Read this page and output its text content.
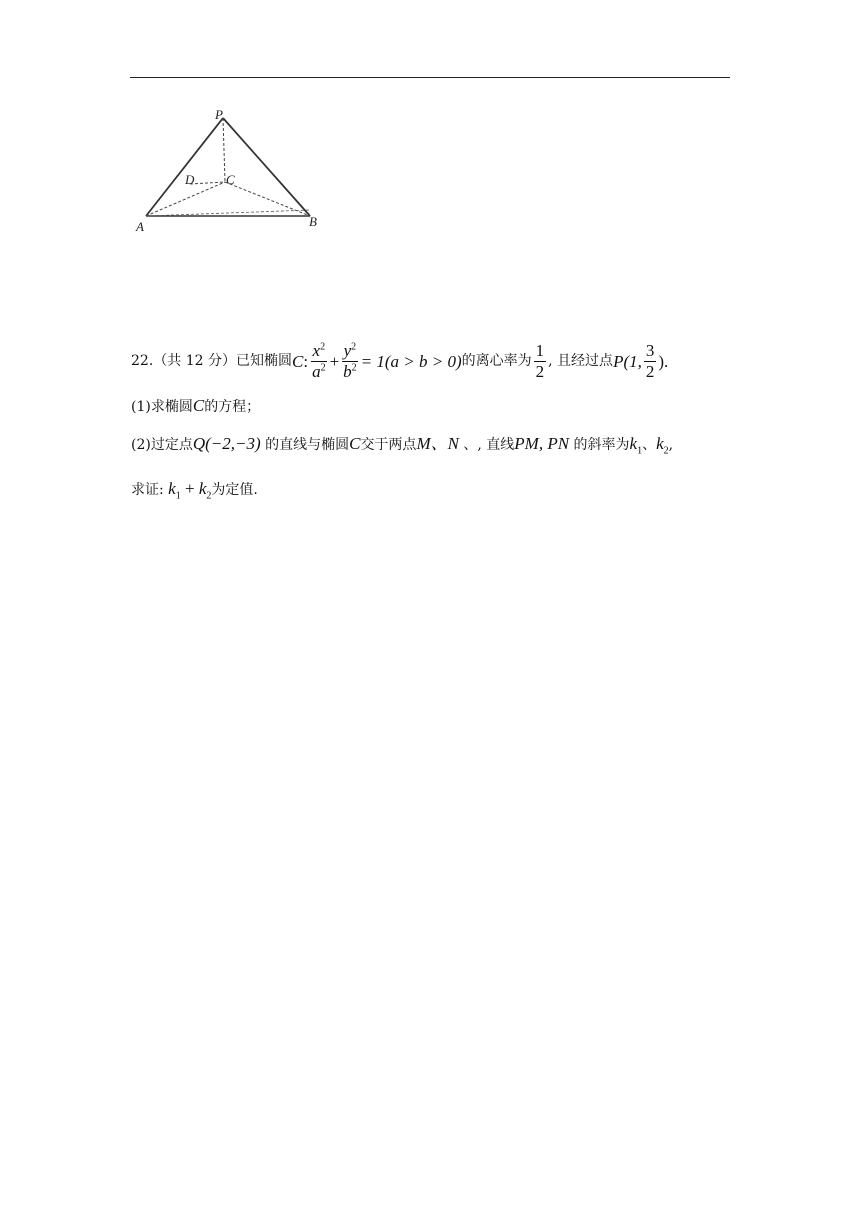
P
D C
A	B
22. （共 12 分） 已知椭圆 C : $\frac{x^2}{a^2} + \frac{y^2}{b^2} = 1(a > b > 0)$ 的离心率为 $\frac{1}{2}$ , 且经过点 P(1, $\frac{3}{2}$ ).
(1)求椭圆C的方程；
(2)过定点Q(−2,−3) 的直线与椭圆C交于两点M、N 、, 直线PM, PN 的斜率为$k_1$、$k_2$,
求证: $k_1 + k_2$为定值.
